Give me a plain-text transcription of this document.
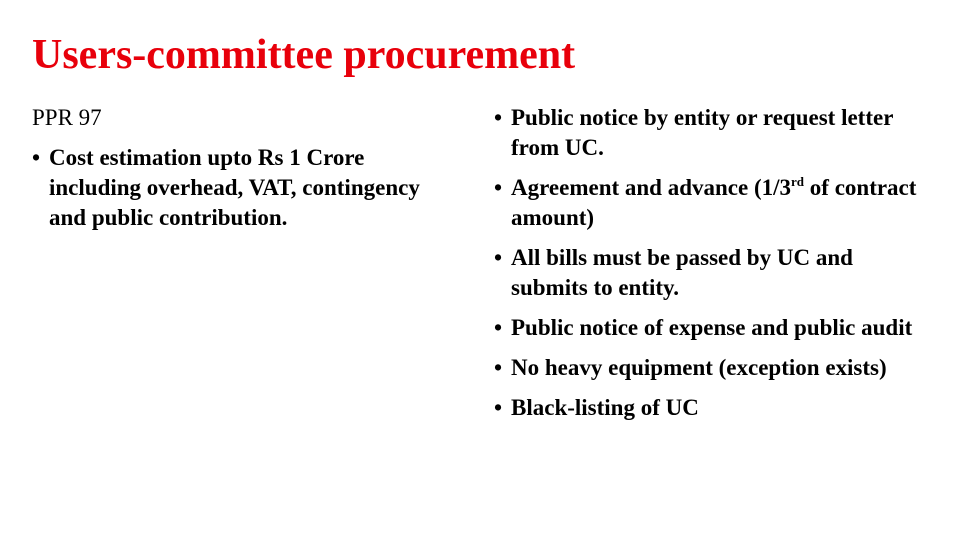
Users-committee procurement

PPR 97

• Cost estimation upto Rs 1 Crore including overhead, VAT, contingency and public contribution.
• Public notice by entity or request letter from UC.
• Agreement and advance (1/3rd of contract amount)
• All bills must be passed by UC and submits to entity.
• Public notice of expense and public audit
• No heavy equipment (exception exists)
• Black-listing of UC
